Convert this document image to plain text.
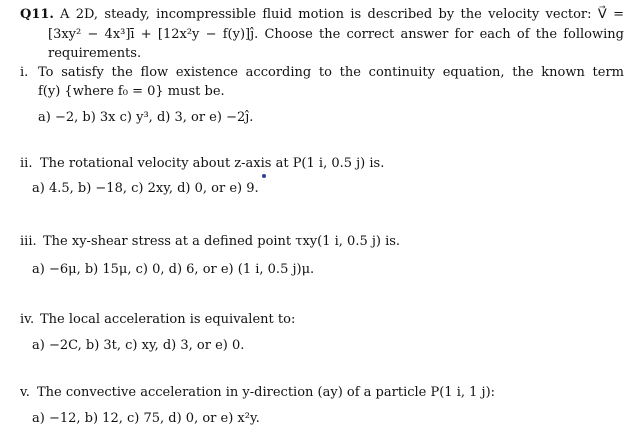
Q11. A 2D, steady, incompressible fluid motion is described by the velocity vector: V⃗ =
[3xy² − 4x³]ī + [12x²y − f(y)]ĵ. Choose the correct answer for each of the following
requirements.
i. To satisfy the flow existence according to the continuity equation, the known term
f(y) {where f₀ = 0} must be.
a) −2, b) 3x c) y³, d) 3, or e) −2ĵ.
ii. The rotational velocity about z-axis at P(1 i, 0.5 j) is.
a) 4.5, b) −18, c) 2xy, d) 0, or e) 9.
iii. The xy-shear stress at a defined point τxy(1 i, 0.5 j) is.
a) −6μ, b) 15μ, c) 0, d) 6, or e) (1 i, 0.5 j)μ.
iv. The local acceleration is equivalent to:
a) −2C, b) 3t, c) xy, d) 3, or e) 0.
v. The convective acceleration in y-direction (ay) of a particle P(1 i, 1 j):
a) −12, b) 12, c) 75, d) 0, or e) x²y.
